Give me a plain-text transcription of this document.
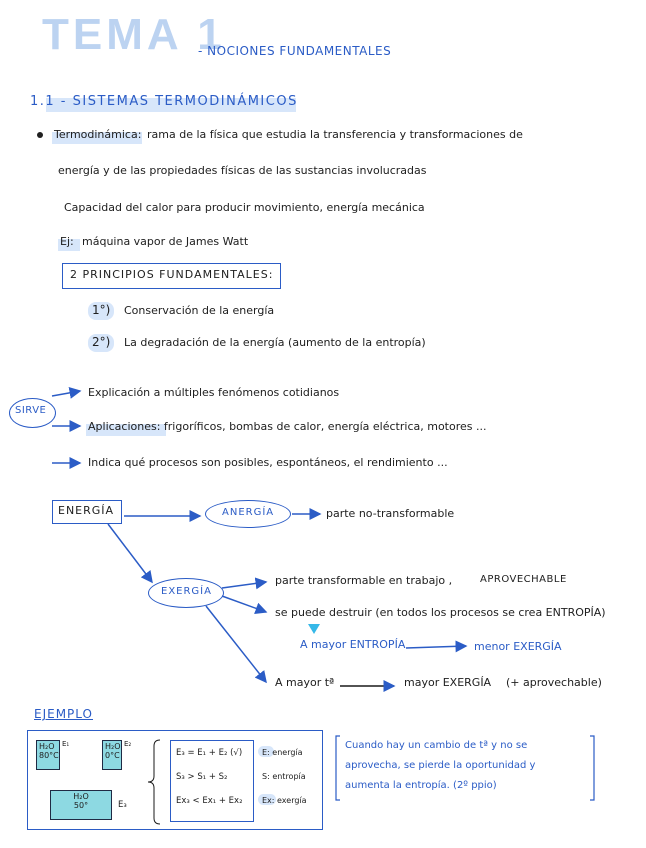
TEMA 1
- NOCIONES FUNDAMENTALES
1.1 - SISTEMAS TERMODINÁMICOS
Termodinámica: rama de la física que estudia la transferencia y transformaciones de
energía y de las propiedades físicas de las sustancias involucradas
Capacidad del calor para producir movimiento, energía mecánica
Ej: máquina vapor de James Watt
2 PRINCIPIOS FUNDAMENTALES:
1°) Conservación de la energía
2°) La degradación de la energía (aumento de la entropía)
SIRVE
Explicación a múltiples fenómenos cotidianos
Aplicaciones: frigoríficos, bombas de calor, energía eléctrica, motores ...
Indica qué procesos son posibles, espontáneos, el rendimiento ...
ENERGÍA	ANERGÍA	parte no-transformable
EXERGÍA
parte transformable en trabajo ,	APROVECHABLE
se puede destruir (en todos los procesos se crea ENTROPÍA)
A mayor ENTROPÍA	menor EXERGÍA
A mayor tª	mayor EXERGÍA (+ aprovechable)
EJEMPLO
H₂O
80°C
E₁	H₂O
0°C
E₂
H₂O
50°	E₃
E₃ = E₁ + E₂ (√)
S₃ > S₁ + S₂
Ex₃ < Ex₁ + Ex₂
E: energía
S: entropía
Ex: exergía
Cuando hay un cambio de tª y no se
aprovecha, se pierde la oportunidad y
aumenta la entropía. (2º ppio)
